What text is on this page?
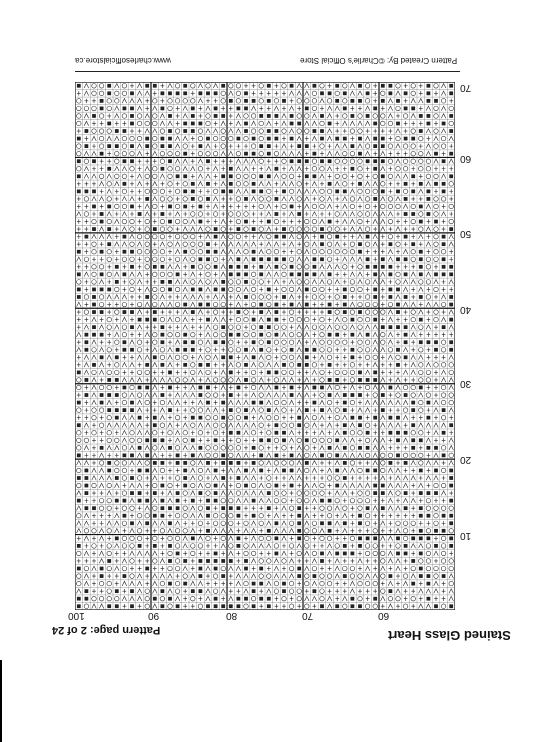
www.charlesofficialstore.ca	Pattern Created By: ©Charlie's Official Store
100	90	80	70	60
70
60
50
40
30
20
10
Stained Glass Heart
Pattern page: 2 of 24
